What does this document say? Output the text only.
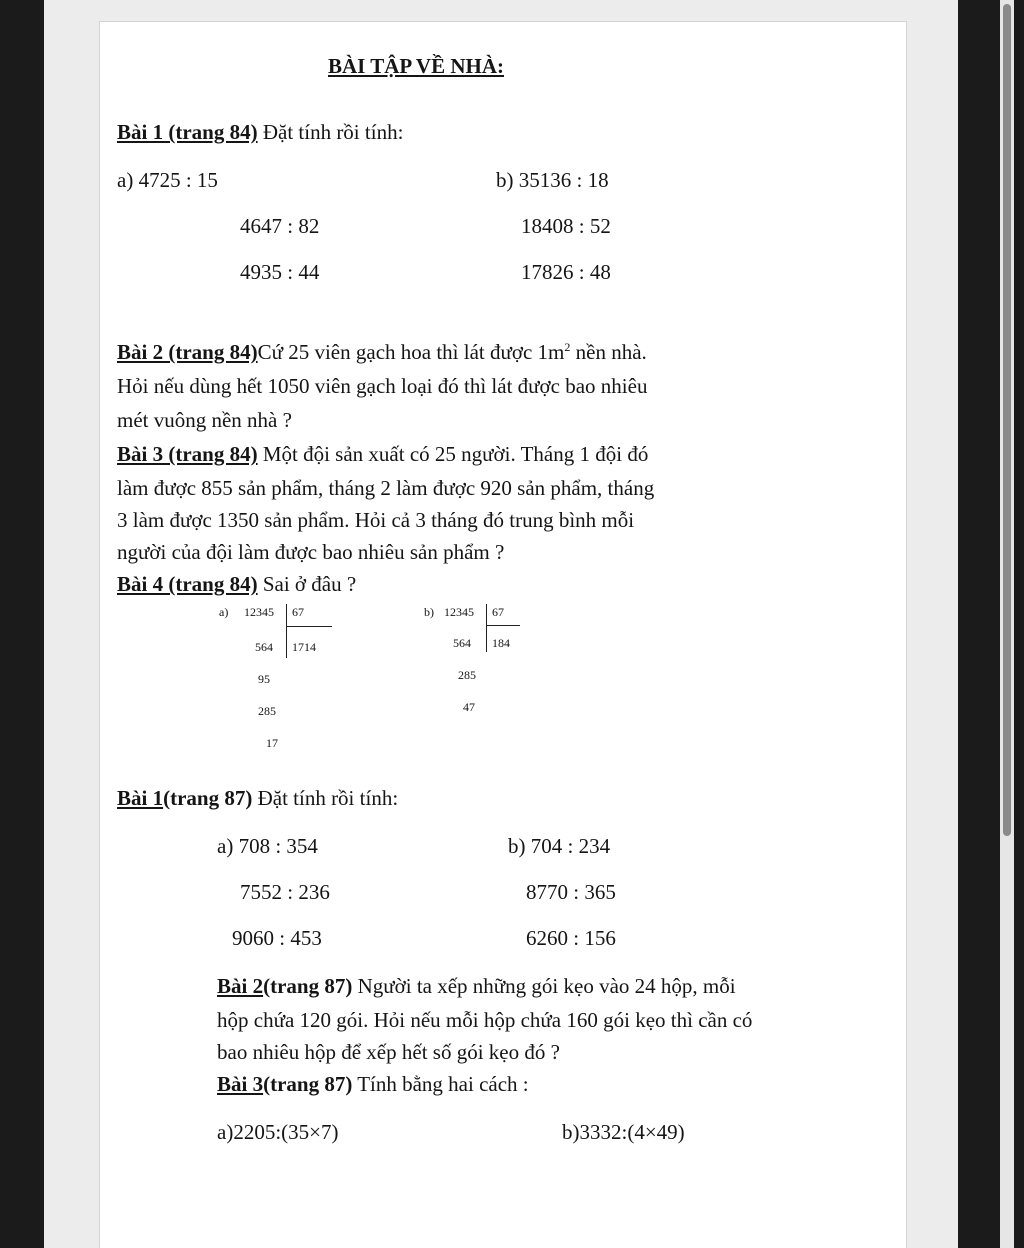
BÀI TẬP VỀ NHÀ:
Bài 1 (trang 84) Đặt tính rồi tính:
a) 4725 : 15
4647 : 82
4935 : 44
b) 35136 : 18
18408 : 52
17826 : 48
Bài 2 (trang 84)Cứ 25 viên gạch hoa thì lát được $1m^2$ nền nhà.
Hỏi nếu dùng hết 1050 viên gạch loại đó thì lát được bao nhiêu
mét vuông nền nhà ?
Bài 3 (trang 84) Một đội sản xuất có 25 người. Tháng 1 đội đó
làm được 855 sản phẩm, tháng 2 làm được 920 sản phẩm, tháng
3 làm được 1350 sản phẩm. Hỏi cả 3 tháng đó trung bình mỗi
người của đội làm được bao nhiêu sản phẩm ?
Bài 4 (trang 84) Sai ở đâu ?
a) 12345 67
1714
564
95
285
17
b) 12345 67
184
564
285
47
Bài 1(trang 87) Đặt tính rồi tính:
a) 708 : 354
7552 : 236
9060 : 453
b) 704 : 234
8770 : 365
6260 : 156
Bài 2(trang 87) Người ta xếp những gói kẹo vào 24 hộp, mỗi
hộp chứa 120 gói. Hỏi nếu mỗi hộp chứa 160 gói kẹo thì cần có
bao nhiêu hộp để xếp hết số gói kẹo đó ?
Bài 3(trang 87) Tính bằng hai cách :
a)2205:(35×7)	b)3332:(4×49)
